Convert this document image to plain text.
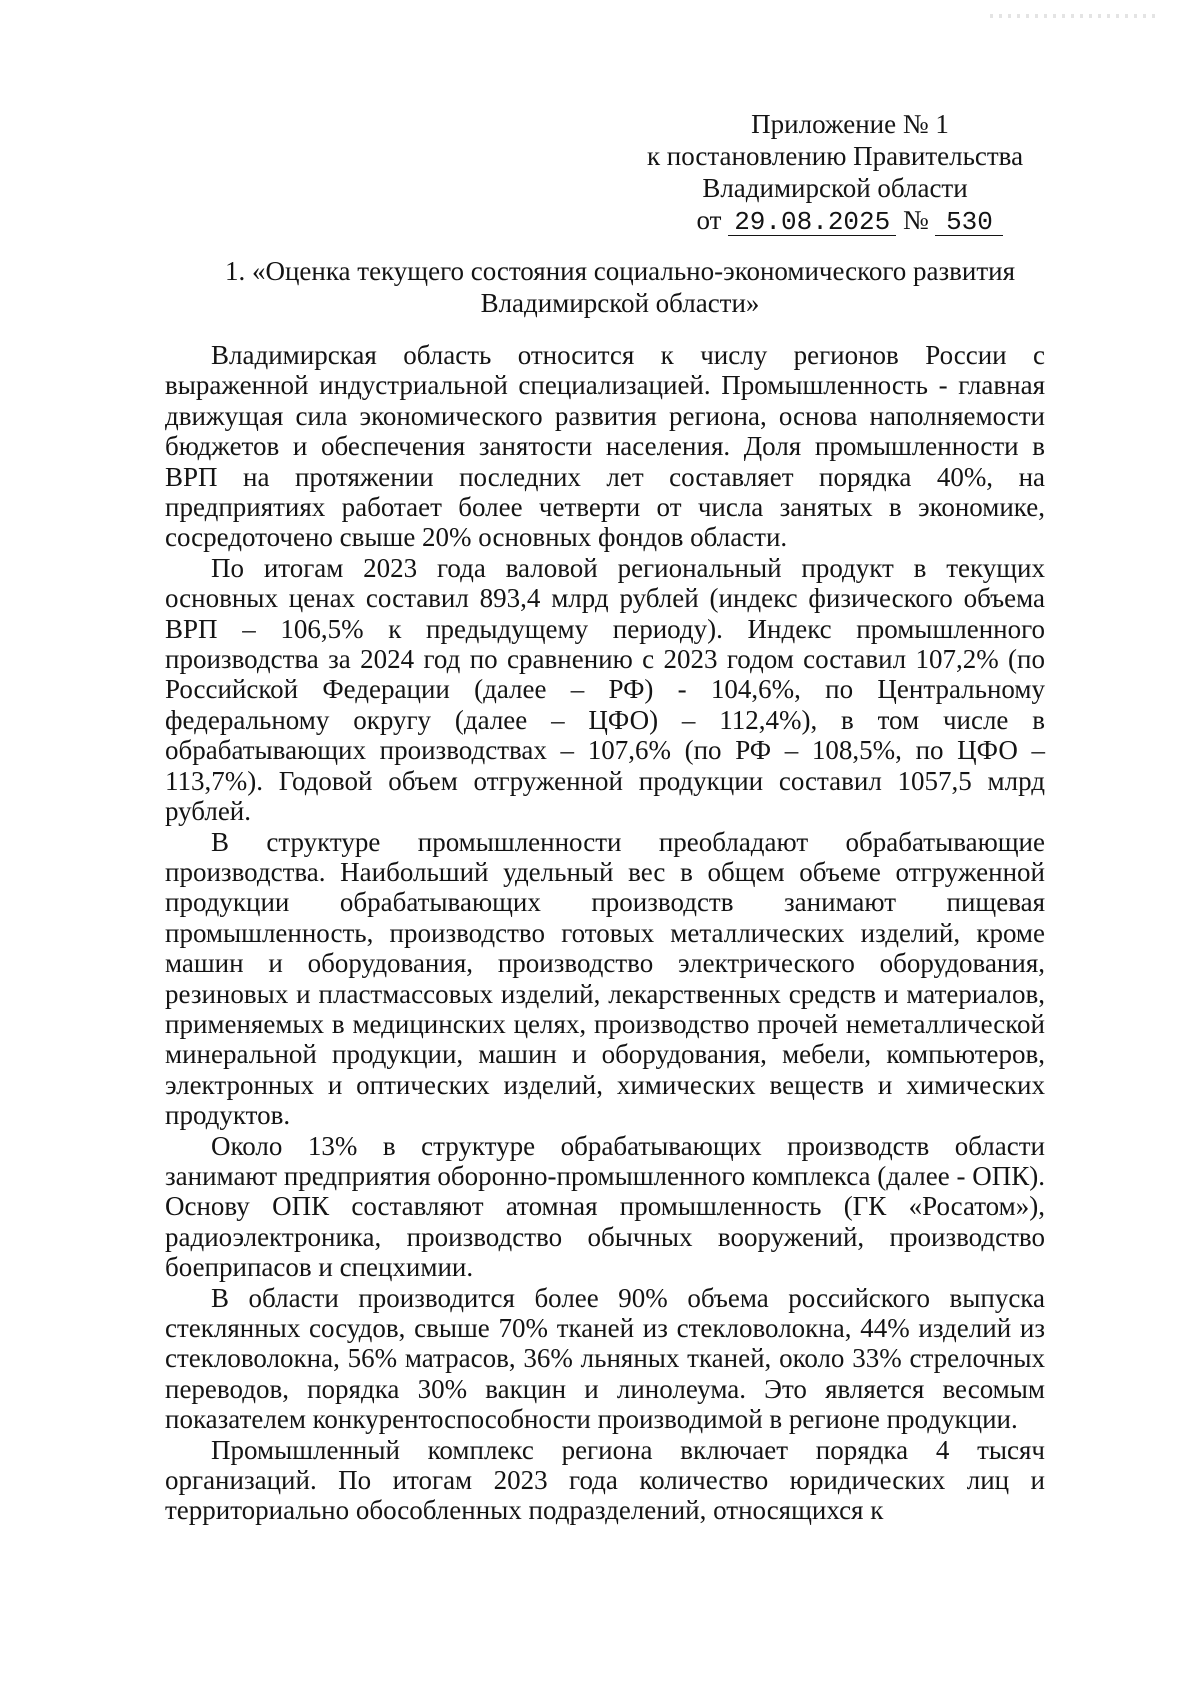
Приложение № 1
к постановлению Правительства
Владимирской области
от 29.08.2025 № 530
1. «Оценка текущего состояния социально-экономического развития
Владимирской области»

Владимирская область относится к числу регионов России с выраженной индустриальной специализацией. Промышленность - главная движущая сила экономического развития региона, основа наполняемости бюджетов и обеспечения занятости населения. Доля промышленности в ВРП на протяжении последних лет составляет порядка 40%, на предприятиях работает более четверти от числа занятых в экономике, сосредоточено свыше 20% основных фондов области.

По итогам 2023 года валовой региональный продукт в текущих основных ценах составил 893,4 млрд рублей (индекс физического объема ВРП – 106,5% к предыдущему периоду). Индекс промышленного производства за 2024 год по сравнению с 2023 годом составил 107,2% (по Российской Федерации (далее – РФ) - 104,6%, по Центральному федеральному округу (далее – ЦФО) – 112,4%), в том числе в обрабатывающих производствах – 107,6% (по РФ – 108,5%, по ЦФО – 113,7%). Годовой объем отгруженной продукции составил 1057,5 млрд рублей.

В структуре промышленности преобладают обрабатывающие производства. Наибольший удельный вес в общем объеме отгруженной продукции обрабатывающих производств занимают пищевая промышленность, производство готовых металлических изделий, кроме машин и оборудования, производство электрического оборудования, резиновых и пластмассовых изделий, лекарственных средств и материалов, применяемых в медицинских целях, производство прочей неметаллической минеральной продукции, машин и оборудования, мебели, компьютеров, электронных и оптических изделий, химических веществ и химических продуктов.

Около 13% в структуре обрабатывающих производств области занимают предприятия оборонно-промышленного комплекса (далее - ОПК). Основу ОПК составляют атомная промышленность (ГК «Росатом»), радиоэлектроника, производство обычных вооружений, производство боеприпасов и спецхимии.

В области производится более 90% объема российского выпуска стеклянных сосудов, свыше 70% тканей из стекловолокна, 44% изделий из стекловолокна, 56% матрасов, 36% льняных тканей, около 33% стрелочных переводов, порядка 30% вакцин и линолеума. Это является весомым показателем конкурентоспособности производимой в регионе продукции.

Промышленный комплекс региона включает порядка 4 тысяч организаций. По итогам 2023 года количество юридических лиц и территориально обособленных подразделений, относящихся к
